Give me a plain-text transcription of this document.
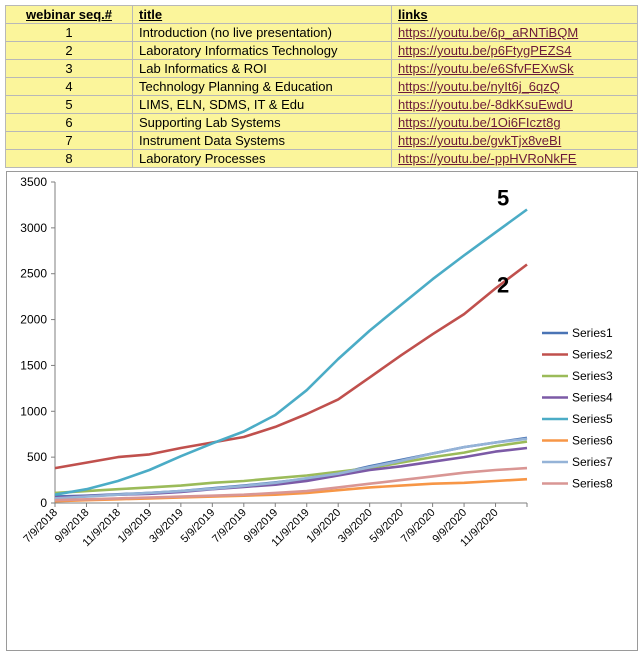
webinar seq.#	title	links
1	Introduction (no live presentation)	https://youtu.be/6p_aRNTiBQM
2	Laboratory Informatics Technology	https://youtu.be/p6FtygPEZS4
3	Lab Informatics & ROI	https://youtu.be/e6SfvFEXwSk
4	Technology Planning & Education	https://youtu.be/nyIt6j_6qzQ
5	LIMS, ELN, SDMS, IT & Edu	https://youtu.be/-8dkKsuEwdU
6	Supporting Lab Systems	https://youtu.be/1Oi6FIczt8g
7	Instrument Data Systems	https://youtu.be/gvkTjx8veBI
8	Laboratory Processes	https://youtu.be/-ppHVRoNkFE
0
500
1000
1500
2000
2500
3000
3500
7/9/2018
9/9/2018
11/9/2018
1/9/2019
3/9/2019
5/9/2019
7/9/2019
9/9/2019
11/9/2019
1/9/2020
3/9/2020
5/9/2020
7/9/2020
9/9/2020
11/9/2020
5
2
Series1
Series2
Series3
Series4
Series5
Series6
Series7
Series8
